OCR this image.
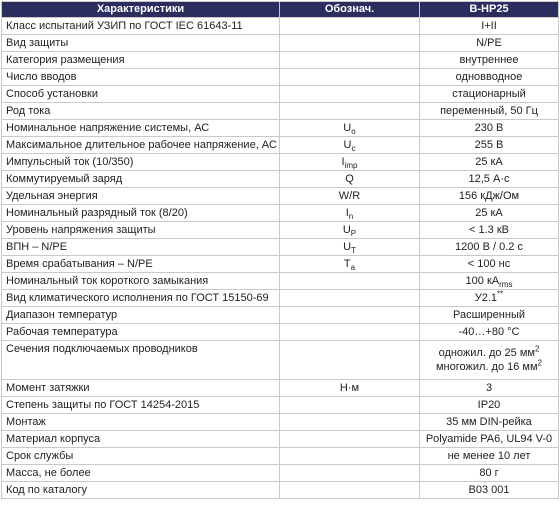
Характеристики	Обознач.	В-HP25
Класс испытаний УЗИП по ГОСТ IEC 61643-11		I+II
Вид защиты		N/PE
Категория размещения		внутреннее
Число вводов		одновводное
Способ установки		стационарный
Род тока		переменный, 50 Гц
Номинальное напряжение системы, АС	$U_o$	230 В
Максимальное длительное рабочее напряжение, АС	$U_c$	255 В
Импульсный ток (10/350)	$I_{imp}$	25 кА
Коммутируемый заряд	Q	12,5 А·с
Удельная энергия	W/R	156 кДж/Ом
Номинальный разрядный ток (8/20)	$I_n$	25 кА
Уровень напряжения защиты	$U_P$	< 1.3 кВ
ВПН – N/PE	$U_T$	1200 В / 0.2 с
Время срабатывания – N/PE	$T_a$	< 100 нс
Номинальный ток короткого замыкания		100 $кА_{rms}$
Вид климатического исполнения по ГОСТ 15150-69		У2.1**
Диапазон температур		Расширенный
Рабочая температура		-40…+80 °С
Сечения подключаемых проводников		одножил. до 25 $мм^2$
многожил. до 16 $мм^2$

Момент затяжки	Н·м	3
Степень защиты по ГОСТ 14254-2015		IP20
Монтаж		35 мм DIN-рейка
Материал корпуса		Polyamide PA6, UL94 V-0
Срок службы		не менее 10 лет
Масса, не более		80 г
Код по каталогу		В03 001
